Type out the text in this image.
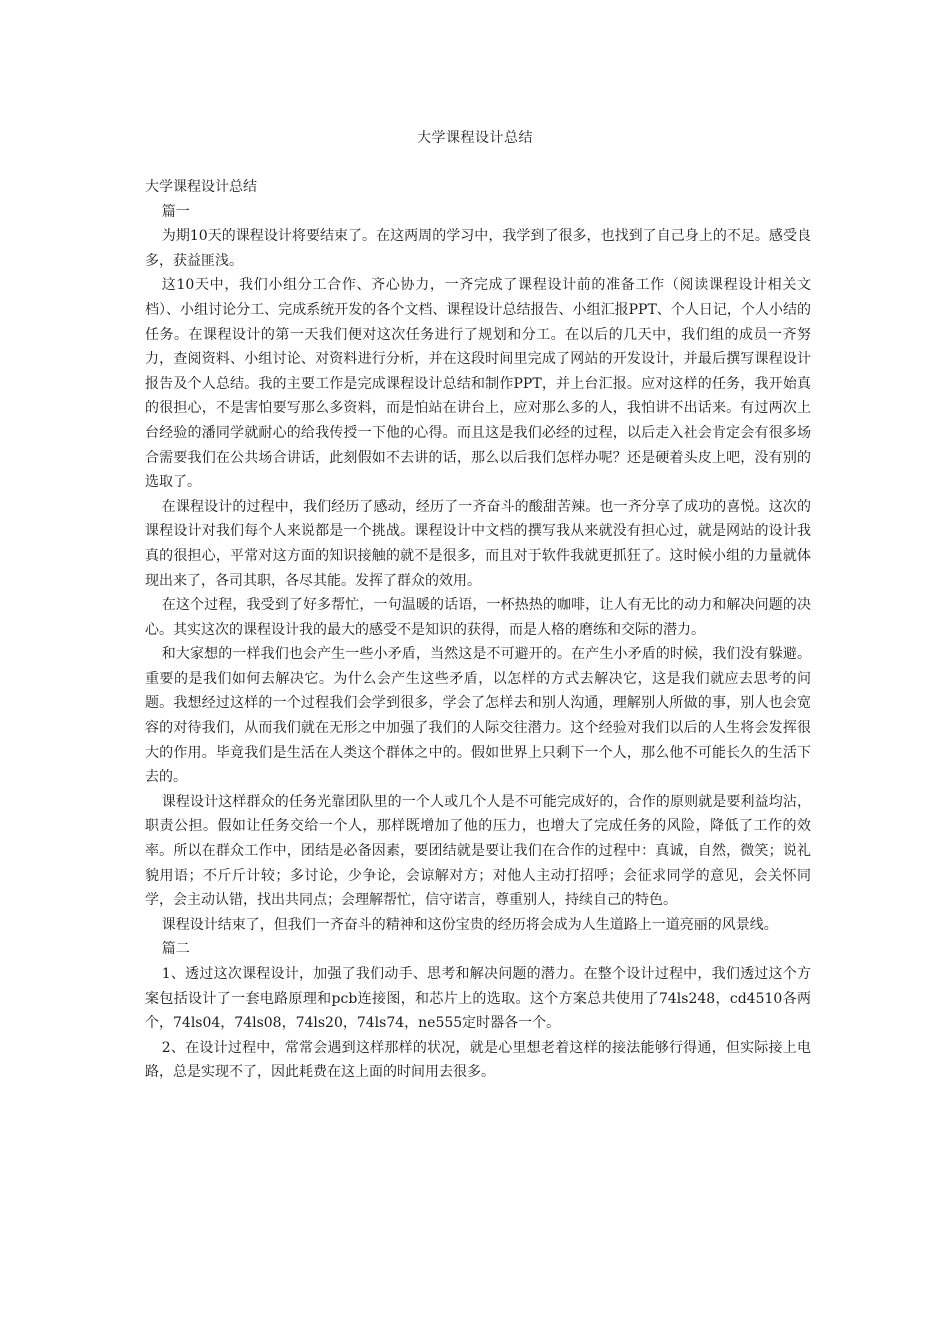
大学课程设计总结

大学课程设计总结

篇一

为期10天的课程设计将要结束了。在这两周的学习中，我学到了很多，也找到了自己身上的不足。感受良多，获益匪浅。

这10天中，我们小组分工合作、齐心协力，一齐完成了课程设计前的准备工作（阅读课程设计相关文档）、小组讨论分工、完成系统开发的各个文档、课程设计总结报告、小组汇报PPT、个人日记，个人小结的任务。在课程设计的第一天我们便对这次任务进行了规划和分工。在以后的几天中，我们组的成员一齐努力，查阅资料、小组讨论、对资料进行分析，并在这段时间里完成了网站的开发设计，并最后撰写课程设计报告及个人总结。我的主要工作是完成课程设计总结和制作PPT，并上台汇报。应对这样的任务，我开始真的很担心，不是害怕要写那么多资料，而是怕站在讲台上，应对那么多的人，我怕讲不出话来。有过两次上台经验的潘同学就耐心的给我传授一下他的心得。而且这是我们必经的过程，以后走入社会肯定会有很多场合需要我们在公共场合讲话，此刻假如不去讲的话，那么以后我们怎样办呢？还是硬着头皮上吧，没有别的选取了。

在课程设计的过程中，我们经历了感动，经历了一齐奋斗的酸甜苦辣。也一齐分享了成功的喜悦。这次的课程设计对我们每个人来说都是一个挑战。课程设计中文档的撰写我从来就没有担心过，就是网站的设计我真的很担心，平常对这方面的知识接触的就不是很多，而且对于软件我就更抓狂了。这时候小组的力量就体现出来了，各司其职，各尽其能。发挥了群众的效用。

在这个过程，我受到了好多帮忙，一句温暖的话语，一杯热热的咖啡，让人有无比的动力和解决问题的决心。其实这次的课程设计我的最大的感受不是知识的获得，而是人格的磨练和交际的潜力。

和大家想的一样我们也会产生一些小矛盾，当然这是不可避开的。在产生小矛盾的时候，我们没有躲避。重要的是我们如何去解决它。为什么会产生这些矛盾，以怎样的方式去解决它，这是我们就应去思考的问题。我想经过这样的一个过程我们会学到很多，学会了怎样去和别人沟通，理解别人所做的事，别人也会宽容的对待我们，从而我们就在无形之中加强了我们的人际交往潜力。这个经验对我们以后的人生将会发挥很大的作用。毕竟我们是生活在人类这个群体之中的。假如世界上只剩下一个人，那么他不可能长久的生活下去的。

课程设计这样群众的任务光靠团队里的一个人或几个人是不可能完成好的，合作的原则就是要利益均沾，职责公担。假如让任务交给一个人，那样既增加了他的压力，也增大了完成任务的风险，降低了工作的效率。所以在群众工作中，团结是必备因素，要团结就是要让我们在合作的过程中：真诚，自然，微笑；说礼貌用语；不斤斤计较；多讨论，少争论，会谅解对方；对他人主动打招呼；会征求同学的意见，会关怀同学，会主动认错，找出共同点；会理解帮忙，信守诺言，尊重别人，持续自己的特色。

课程设计结束了，但我们一齐奋斗的精神和这份宝贵的经历将会成为人生道路上一道亮丽的风景线。

篇二

1、透过这次课程设计，加强了我们动手、思考和解决问题的潜力。在整个设计过程中，我们透过这个方案包括设计了一套电路原理和pcb连接图，和芯片上的选取。这个方案总共使用了74ls248，cd4510各两个，74ls04，74ls08，74ls20，74ls74，ne555定时器各一个。

2、在设计过程中，常常会遇到这样那样的状况，就是心里想老着这样的接法能够行得通，但实际接上电路，总是实现不了，因此耗费在这上面的时间用去很多。
